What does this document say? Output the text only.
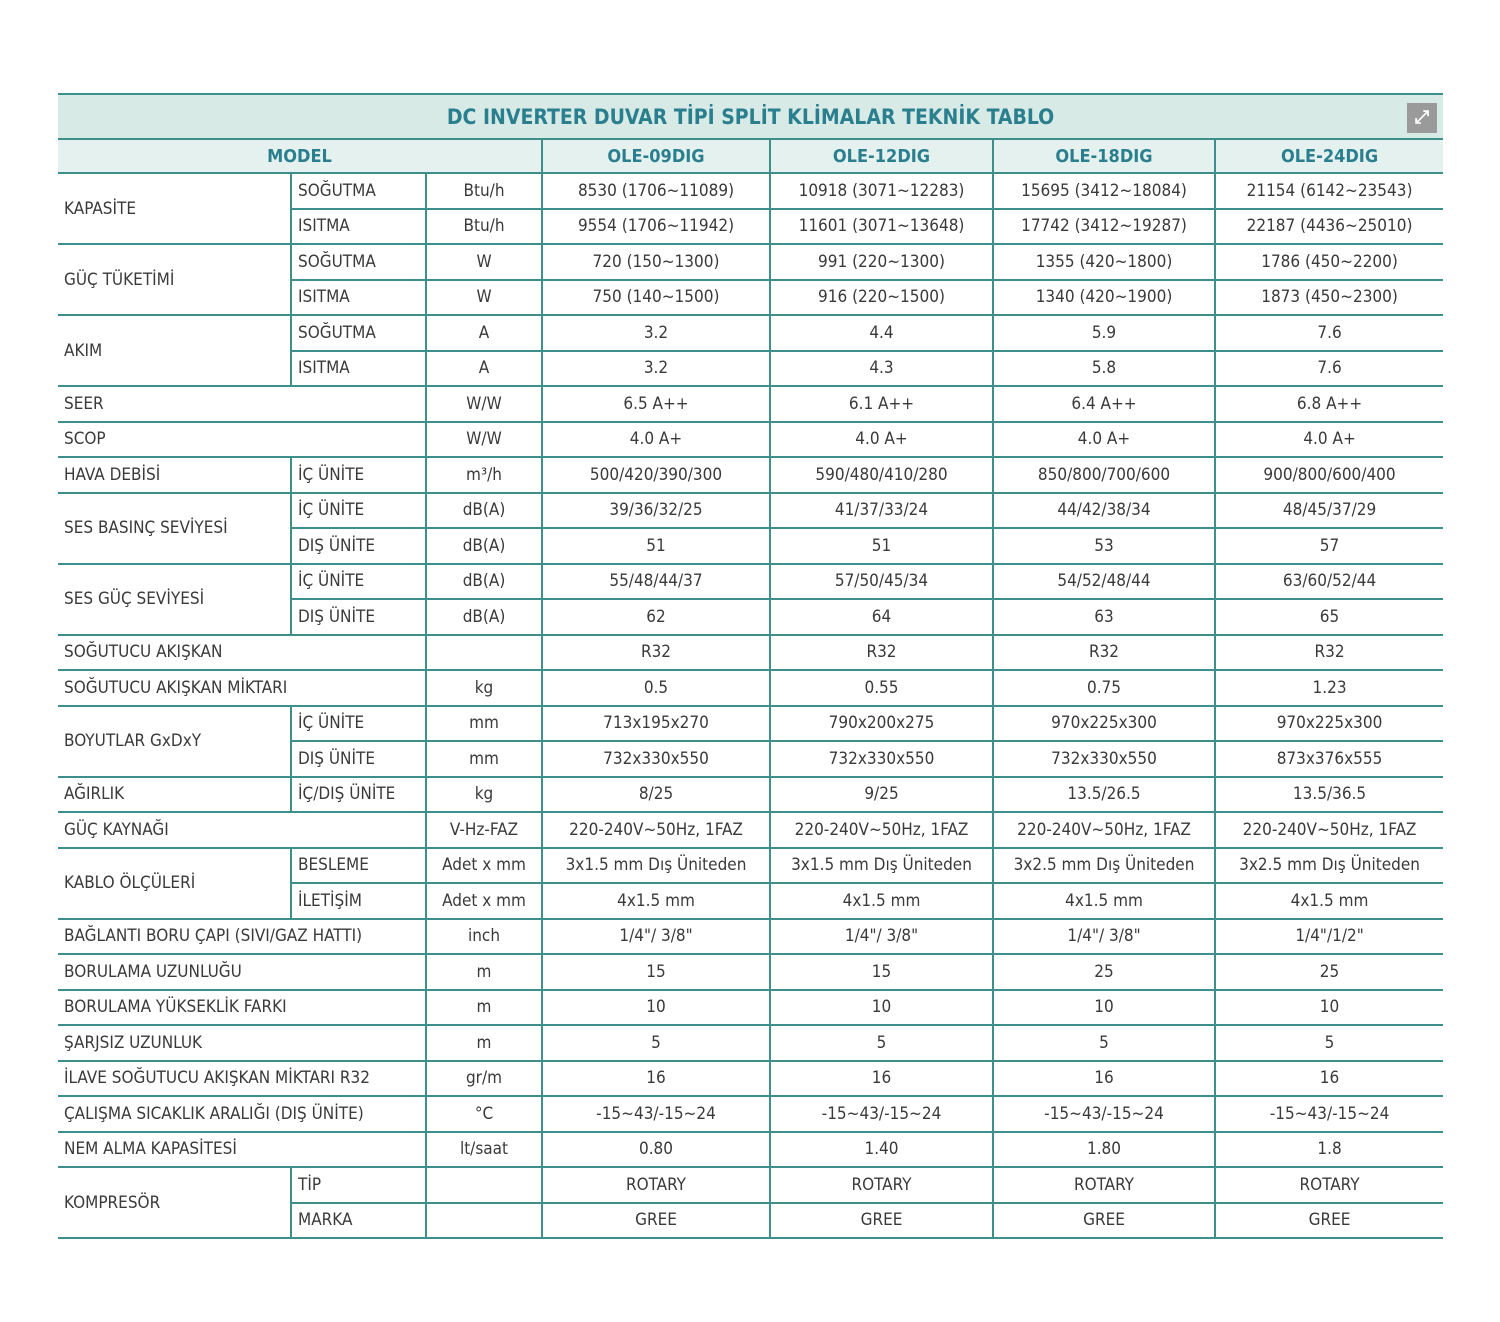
DC INVERTER DUVAR TİPİ SPLİT KLİMALAR TEKNİK TABLO ⤢						

MODEL			OLE-09DIG	OLE-12DIG	OLE-18DIG	OLE-24DIG
KAPASİTE	SOĞUTMA	Btu/h	8530 (1706~11089)	10918 (3071~12283)	15695 (3412~18084)	21154 (6142~23543)
	ISITMA	Btu/h	9554 (1706~11942)	11601 (3071~13648)	17742 (3412~19287)	22187 (4436~25010)
GÜÇ TÜKETİMİ	SOĞUTMA	W	720 (150~1300)	991 (220~1300)	1355 (420~1800)	1786 (450~2200)
	ISITMA	W	750 (140~1500)	916 (220~1500)	1340 (420~1900)	1873 (450~2300)
AKIM	SOĞUTMA	A	3.2	4.4	5.9	7.6
	ISITMA	A	3.2	4.3	5.8	7.6
SEER		W/W	6.5 A++	6.1 A++	6.4 A++	6.8 A++
SCOP		W/W	4.0 A+	4.0 A+	4.0 A+	4.0 A+
HAVA DEBİSİ	İÇ ÜNİTE	m³/h	500/420/390/300	590/480/410/280	850/800/700/600	900/800/600/400
SES BASINÇ SEVİYESİ	İÇ ÜNİTE	dB(A)	39/36/32/25	41/37/33/24	44/42/38/34	48/45/37/29
	DIŞ ÜNİTE	dB(A)	51	51	53	57
SES GÜÇ SEVİYESİ	İÇ ÜNİTE	dB(A)	55/48/44/37	57/50/45/34	54/52/48/44	63/60/52/44
	DIŞ ÜNİTE	dB(A)	62	64	63	65
SOĞUTUCU AKIŞKAN			R32	R32	R32	R32
SOĞUTUCU AKIŞKAN MİKTARI		kg	0.5	0.55	0.75	1.23
BOYUTLAR GxDxY	İÇ ÜNİTE	mm	713x195x270	790x200x275	970x225x300	970x225x300
	DIŞ ÜNİTE	mm	732x330x550	732x330x550	732x330x550	873x376x555
AĞIRLIK	İÇ/DIŞ ÜNİTE	kg	8/25	9/25	13.5/26.5	13.5/36.5
GÜÇ KAYNAĞI		V-Hz-FAZ	220-240V~50Hz, 1FAZ	220-240V~50Hz, 1FAZ	220-240V~50Hz, 1FAZ	220-240V~50Hz, 1FAZ
KABLO ÖLÇÜLERİ	BESLEME	Adet x mm	3x1.5 mm Dış Üniteden	3x1.5 mm Dış Üniteden	3x2.5 mm Dış Üniteden	3x2.5 mm Dış Üniteden
	İLETİŞİM	Adet x mm	4x1.5 mm	4x1.5 mm	4x1.5 mm	4x1.5 mm
BAĞLANTI BORU ÇAPI (SIVI/GAZ HATTI)		inch	1/4"/ 3/8"	1/4"/ 3/8"	1/4"/ 3/8"	1/4"/1/2"
BORULAMA UZUNLUĞU		m	15	15	25	25
BORULAMA YÜKSEKLİK FARKI		m	10	10	10	10
ŞARJSIZ UZUNLUK		m	5	5	5	5
İLAVE SOĞUTUCU AKIŞKAN MİKTARI R32		gr/m	16	16	16	16
ÇALIŞMA SICAKLIK ARALIĞI (DIŞ ÜNİTE)		°C	-15~43/-15~24	-15~43/-15~24	-15~43/-15~24	-15~43/-15~24
NEM ALMA KAPASİTESİ		lt/saat	0.80	1.40	1.80	1.8
KOMPRESÖR	TİP		ROTARY	ROTARY	ROTARY	ROTARY
	MARKA		GREE	GREE	GREE	GREE
